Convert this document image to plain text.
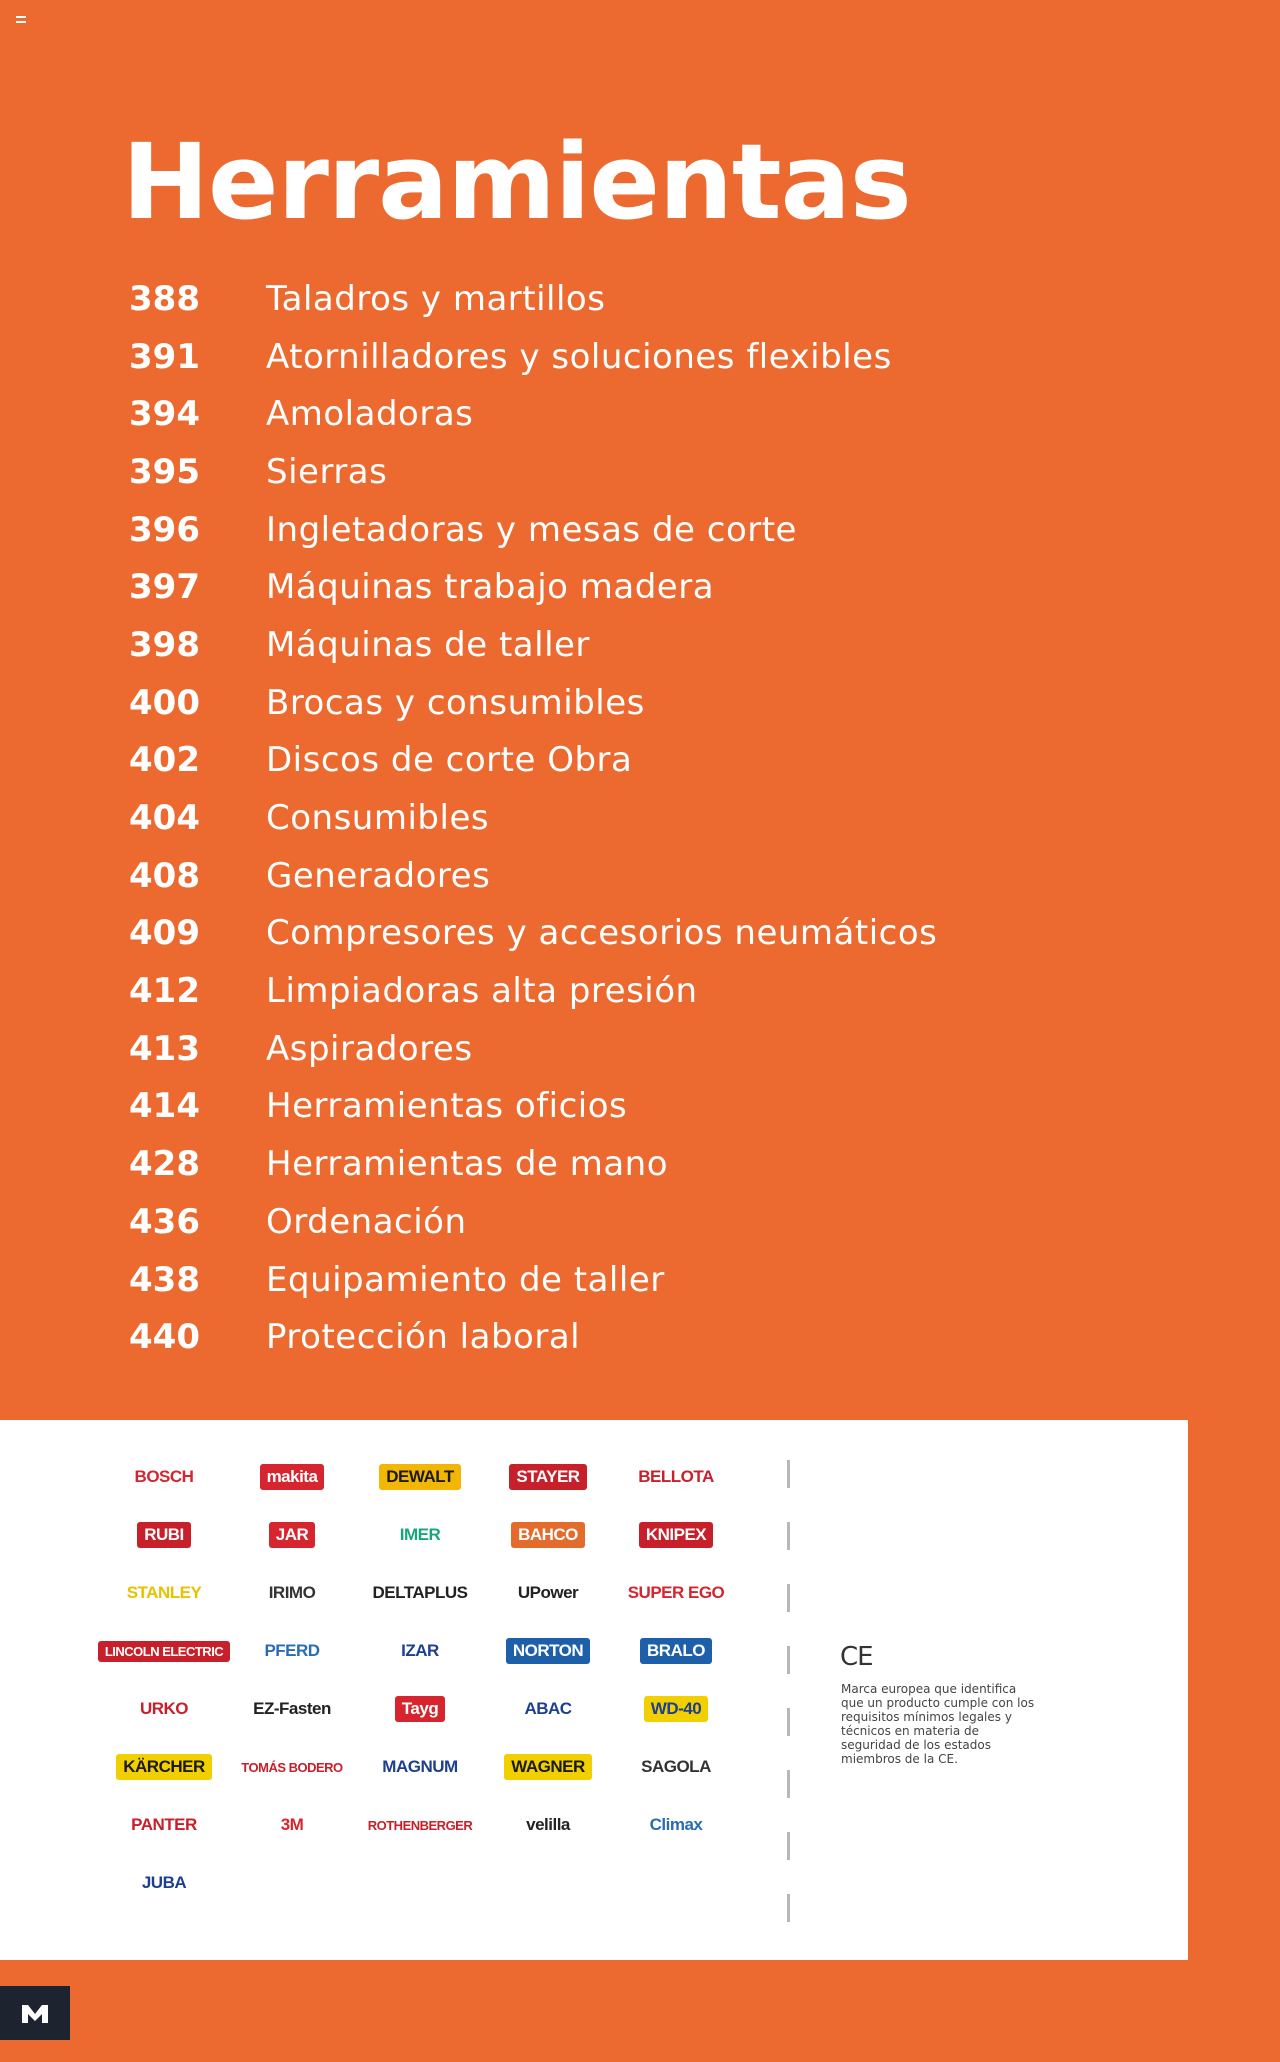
Herramientas
388 Taladros y martillos
391 Atornilladores y soluciones flexibles
394 Amoladoras
395 Sierras
396 Ingletadoras y mesas de corte
397 Máquinas trabajo madera
398 Máquinas de taller
400 Brocas y consumibles
402 Discos de corte Obra
404 Consumibles
408 Generadores
409 Compresores y accesorios neumáticos
412 Limpiadoras alta presión
413 Aspiradores
414 Herramientas oficios
428 Herramientas de mano
436 Ordenación
438 Equipamiento de taller
440 Protección laboral
BOSCH	makita	DEWALT	STAYER	BELLOTA
RUBI	JAR	IMER	BAHCO	KNIPEX
STANLEY	IRIMO	DELTAPLUS	UPower	SUPER EGO
LINCOLN ELECTRIC	PFERD	IZAR	NORTON	BRALO
URKO	EZ-Fasten	Tayg	ABAC	WD-40
KÄRCHER	TOMÁS BODERO	MAGNUM	WAGNER	SAGOLA
PANTER	3M	ROTHENBERGER	velilla	Climax
JUBA
CE
Marca europea que identifica que un producto cumple con los requisitos mínimos legales y técnicos en materia de seguridad de los estados miembros de la CE.
